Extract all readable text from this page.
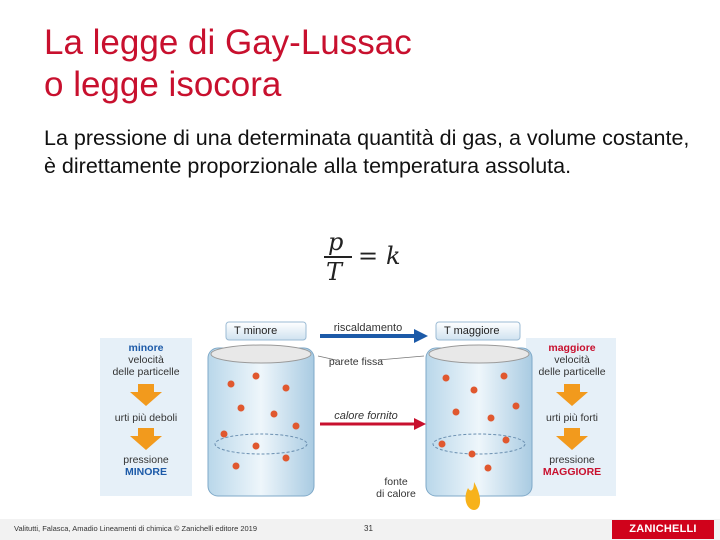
La legge di Gay-Lussac
o legge isocora
La pressione di una determinata quantità di gas, a volume costante, è direttamente proporzionale alla temperatura assoluta.
p
T
= k
T minore	T maggiore
riscaldamento
parete fissa
calore fornito
fonte
di calore
minore
velocità
delle particelle
urti più deboli
pressione
MINORE
maggiore
velocità
delle particelle
urti più forti
pressione
MAGGIORE
Valitutti, Falasca, Amadio Lineamenti di chimica © Zanichelli editore 2019	31	ZANICHELLI
